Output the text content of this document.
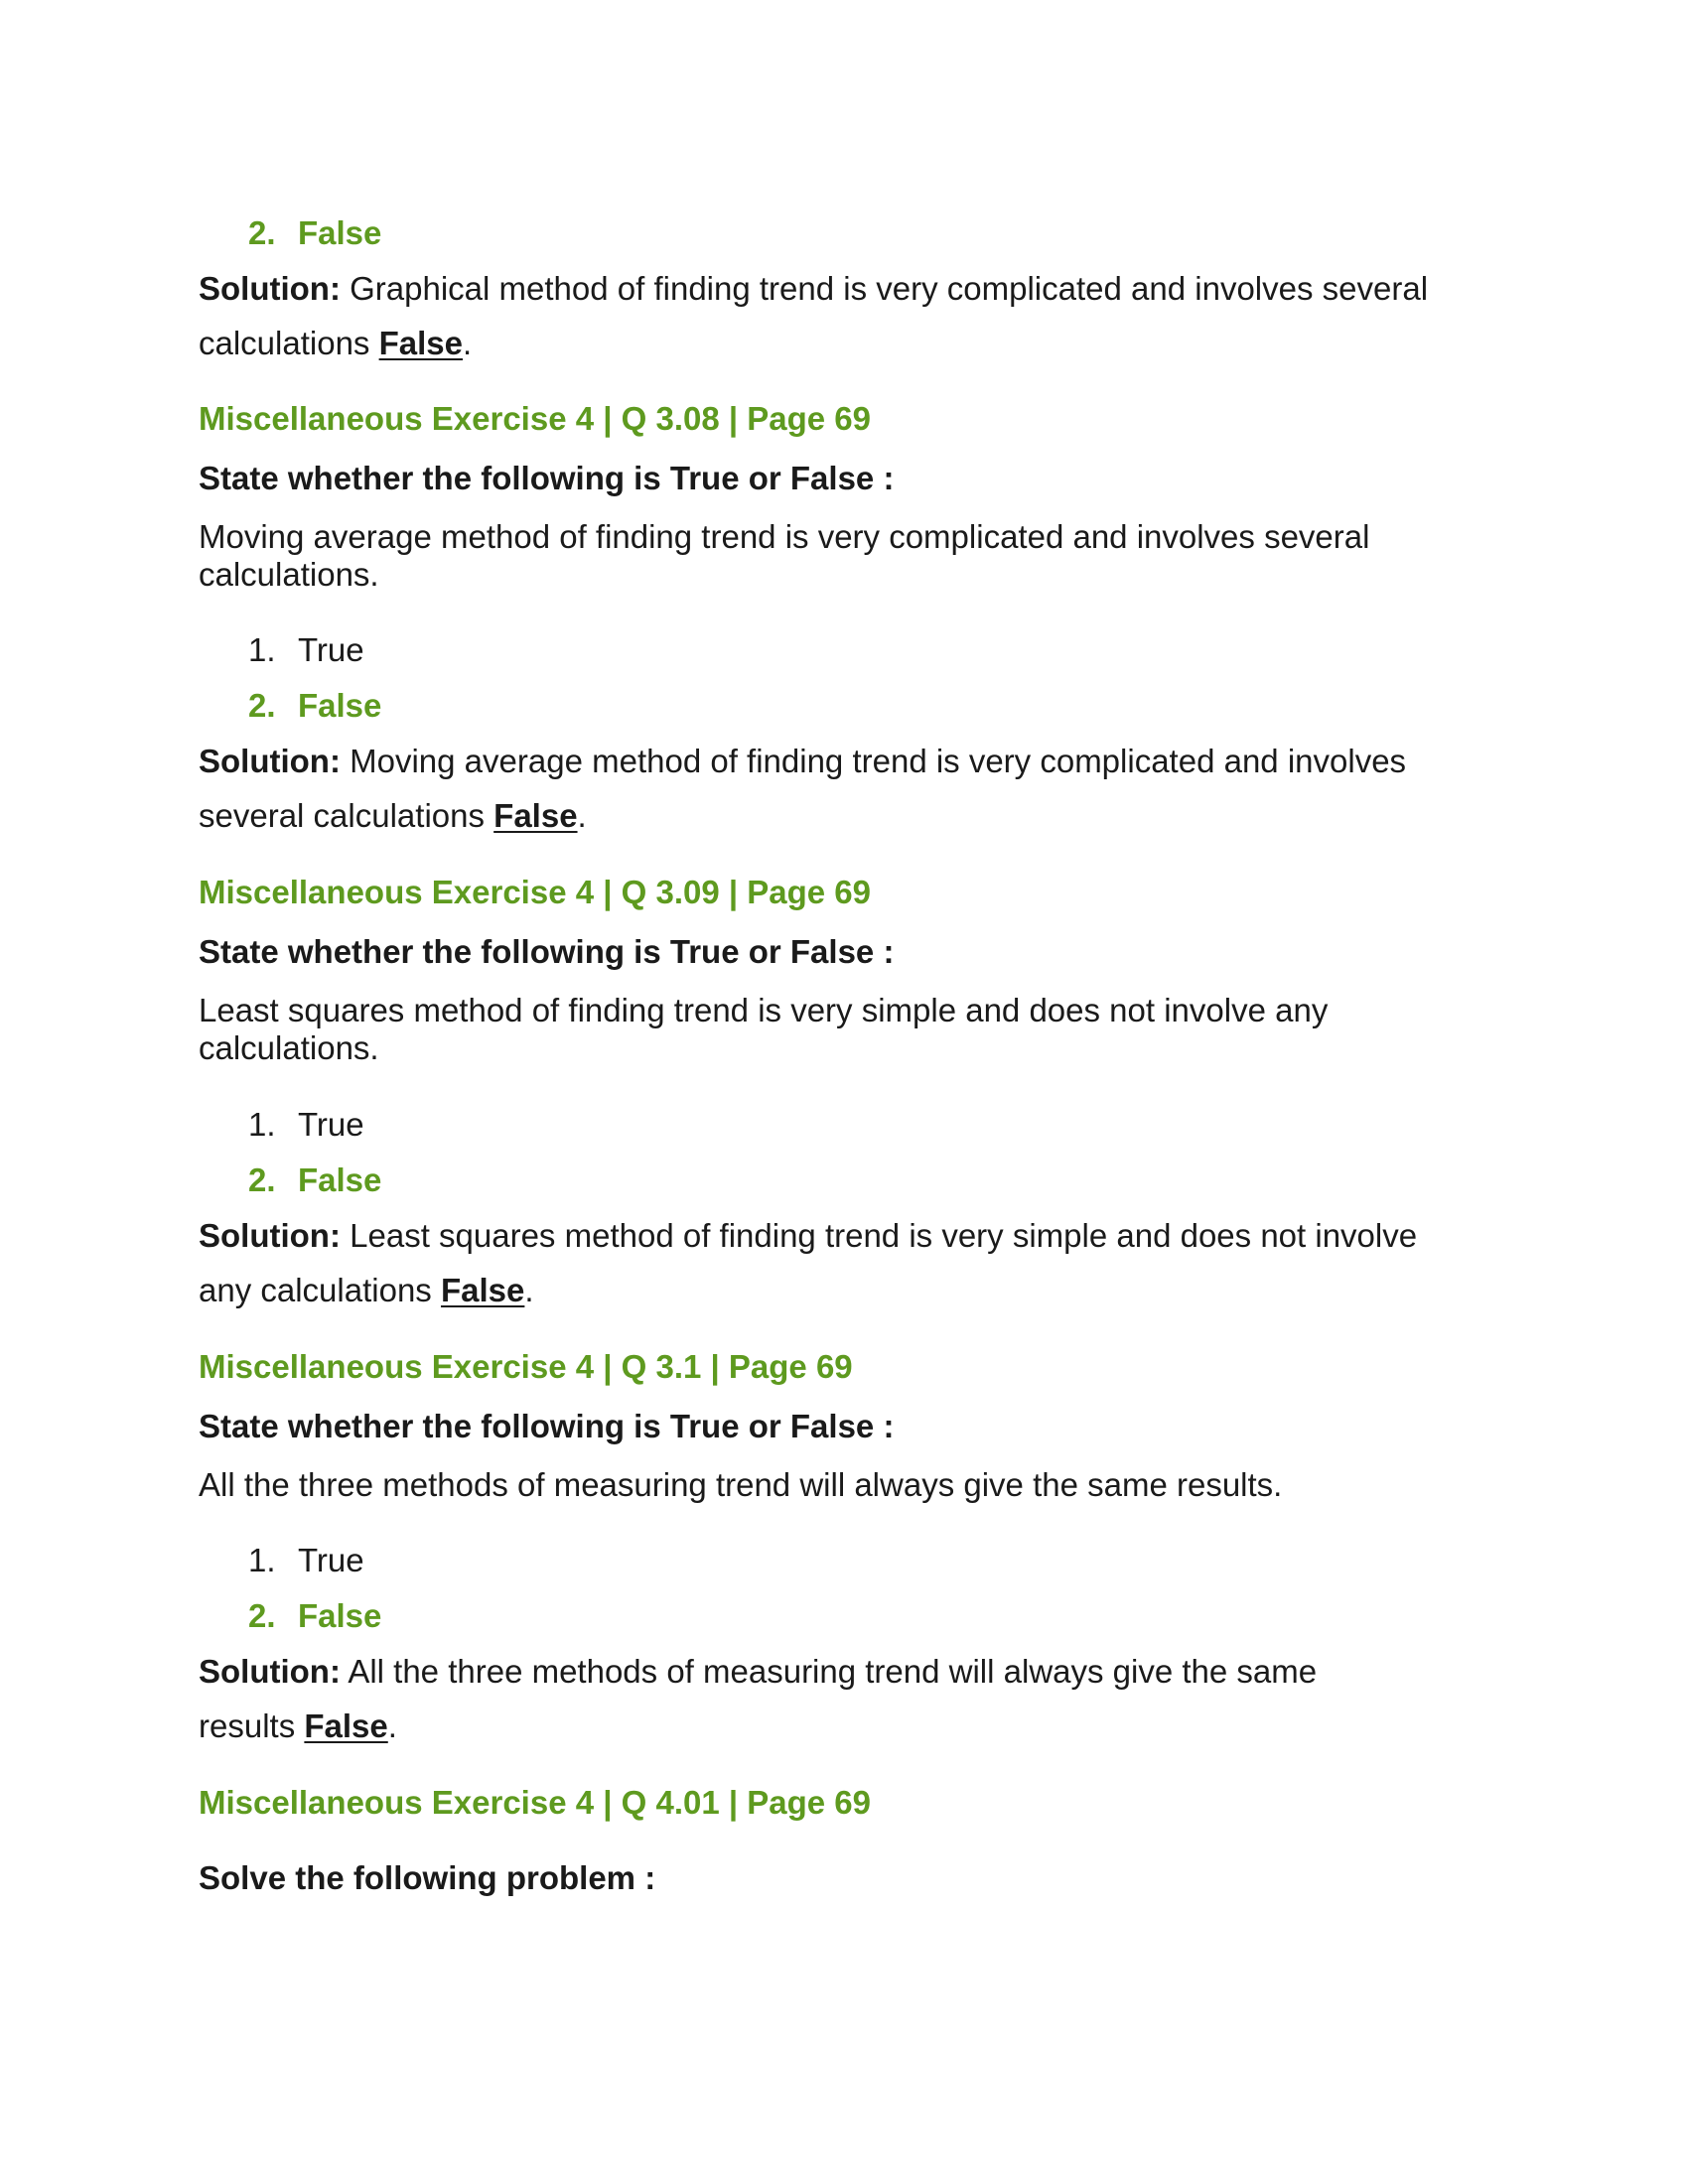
2. False

Solution: Graphical method of finding trend is very complicated and involves several

calculations False.

Miscellaneous Exercise 4 | Q 3.08 | Page 69

State whether the following is True or False :

Moving average method of finding trend is very complicated and involves several

calculations.

1. True

2. False

Solution: Moving average method of finding trend is very complicated and involves

several calculations False.

Miscellaneous Exercise 4 | Q 3.09 | Page 69

State whether the following is True or False :

Least squares method of finding trend is very simple and does not involve any

calculations.

1. True

2. False

Solution: Least squares method of finding trend is very simple and does not involve

any calculations False.

Miscellaneous Exercise 4 | Q 3.1 | Page 69

State whether the following is True or False :

All the three methods of measuring trend will always give the same results.

1. True

2. False

Solution: All the three methods of measuring trend will always give the same

results False.

Miscellaneous Exercise 4 | Q 4.01 | Page 69

Solve the following problem :
